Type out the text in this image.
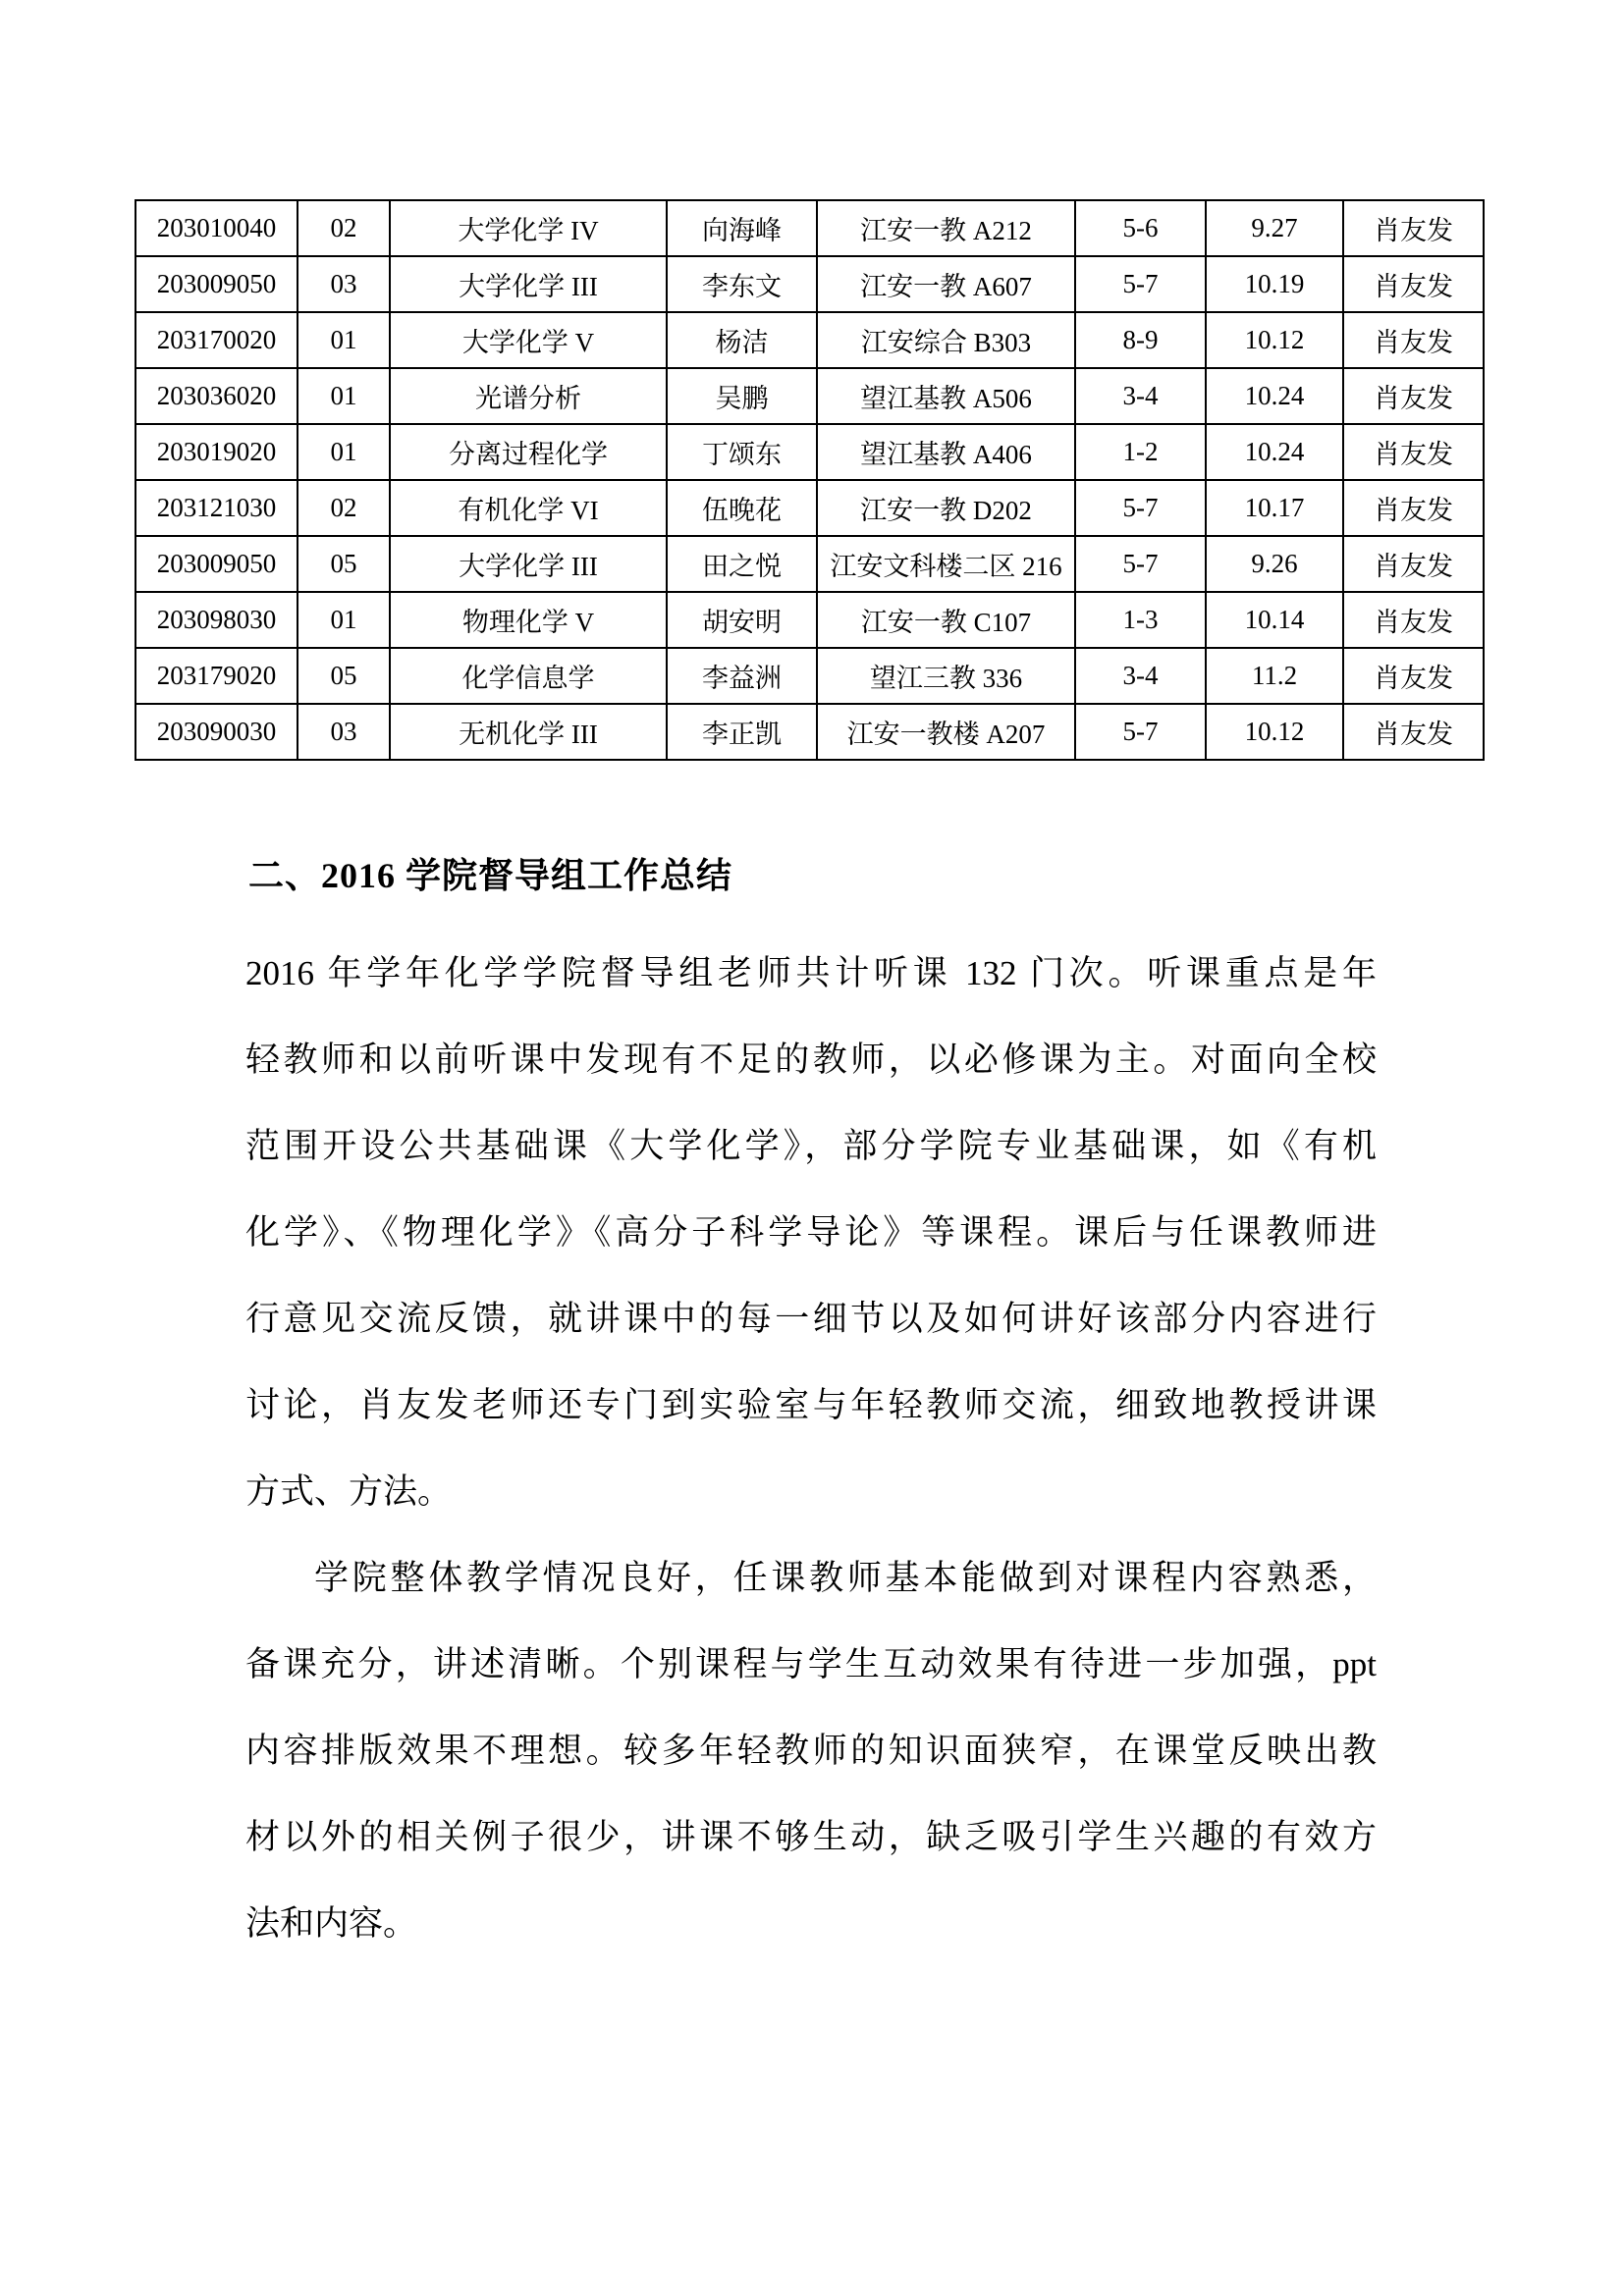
203010040	02	大学化学 IV	向海峰	江安一教 A212	5-6	9.27	肖友发
203009050	03	大学化学 III	李东文	江安一教 A607	5-7	10.19	肖友发
203170020	01	大学化学 V	杨洁	江安综合 B303	8-9	10.12	肖友发
203036020	01	光谱分析	吴鹏	望江基教 A506	3-4	10.24	肖友发
203019020	01	分离过程化学	丁颂东	望江基教 A406	1-2	10.24	肖友发
203121030	02	有机化学 VI	伍晚花	江安一教 D202	5-7	10.17	肖友发
203009050	05	大学化学 III	田之悦	江安文科楼二区 216	5-7	9.26	肖友发
203098030	01	物理化学 V	胡安明	江安一教 C107	1-3	10.14	肖友发
203179020	05	化学信息学	李益洲	望江三教 336	3-4	11.2	肖友发
203090030	03	无机化学 III	李正凯	江安一教楼 A207	5-7	10.12	肖友发
二、2016 学院督导组工作总结
2016 年学年化学学院督导组老师共计听课 132 门次。听课重点是年
轻教师和以前听课中发现有不足的教师，以必修课为主。对面向全校
范围开设公共基础课《大学化学》，部分学院专业基础课，如《有机
化学》、《物理化学》《高分子科学导论》等课程。课后与任课教师进
行意见交流反馈，就讲课中的每一细节以及如何讲好该部分内容进行
讨论，肖友发老师还专门到实验室与年轻教师交流，细致地教授讲课
方式、方法。
学院整体教学情况良好，任课教师基本能做到对课程内容熟悉，
备课充分，讲述清晰。个别课程与学生互动效果有待进一步加强，ppt
内容排版效果不理想。较多年轻教师的知识面狭窄，在课堂反映出教
材以外的相关例子很少，讲课不够生动，缺乏吸引学生兴趣的有效方
法和内容。
